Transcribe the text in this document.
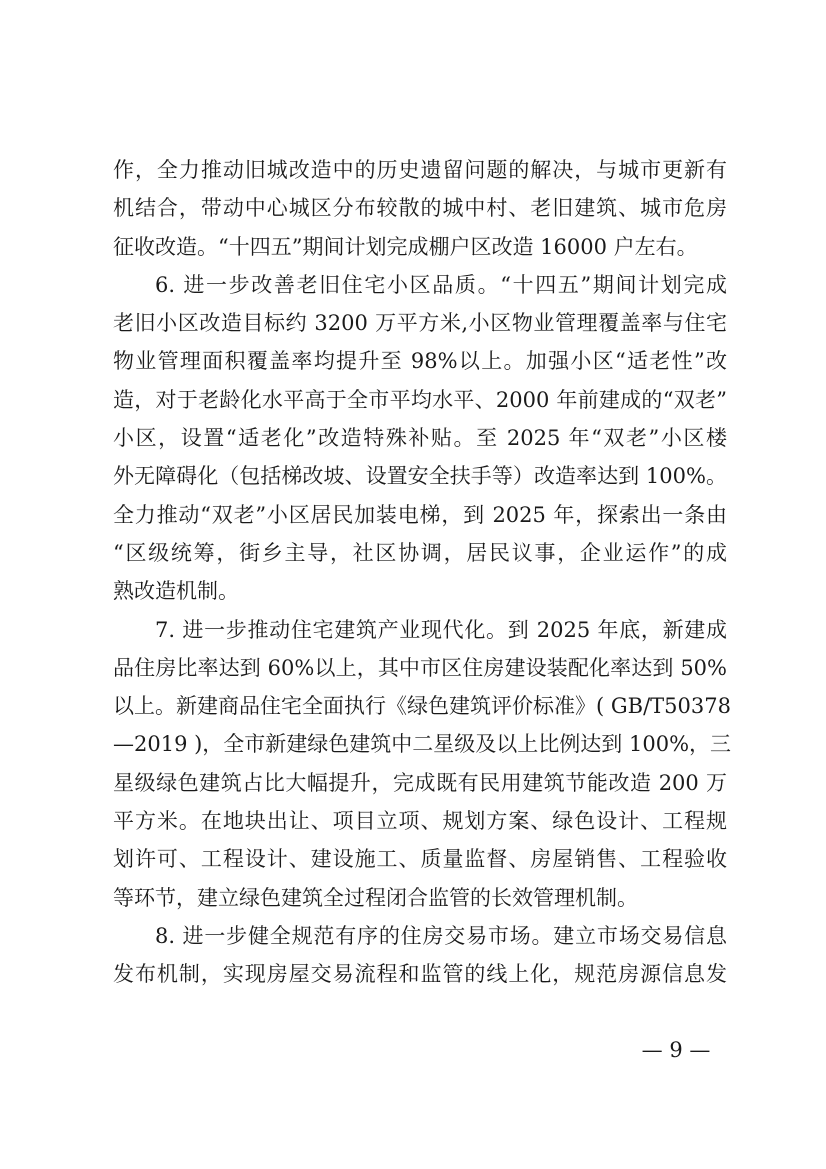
作，全力推动旧城改造中的历史遗留问题的解决，与城市更新有
机结合，带动中心城区分布较散的城中村、老旧建筑、城市危房
征收改造。“十四五”期间计划完成棚户区改造 16000 户左右。
6. 进一步改善老旧住宅小区品质。“十四五”期间计划完成
老旧小区改造目标约 3200 万平方米,小区物业管理覆盖率与住宅
物业管理面积覆盖率均提升至 98%以上。加强小区“适老性”改
造，对于老龄化水平高于全市平均水平、2000 年前建成的“双老”
小区，设置“适老化”改造特殊补贴。至 2025 年“双老”小区楼
外无障碍化（包括梯改坡、设置安全扶手等）改造率达到 100%。
全力推动“双老”小区居民加装电梯，到 2025 年，探索出一条由
“区级统筹，街乡主导，社区协调，居民议事，企业运作”的成
熟改造机制。
7. 进一步推动住宅建筑产业现代化。到 2025 年底，新建成
品住房比率达到 60%以上，其中市区住房建设装配化率达到 50%
以上。新建商品住宅全面执行《绿色建筑评价标准》( GB/T50378
—2019 )，全市新建绿色建筑中二星级及以上比例达到 100%，三
星级绿色建筑占比大幅提升，完成既有民用建筑节能改造 200 万
平方米。在地块出让、项目立项、规划方案、绿色设计、工程规
划许可、工程设计、建设施工、质量监督、房屋销售、工程验收
等环节，建立绿色建筑全过程闭合监管的长效管理机制。
8. 进一步健全规范有序的住房交易市场。建立市场交易信息
发布机制，实现房屋交易流程和监管的线上化，规范房源信息发
— 9 —
